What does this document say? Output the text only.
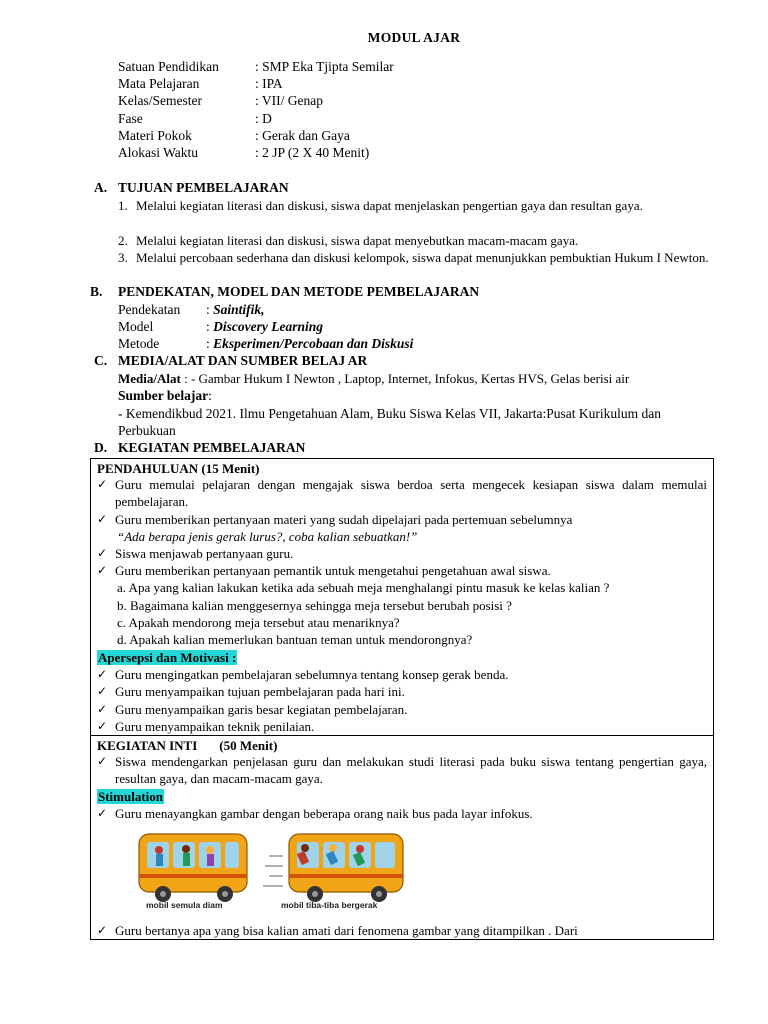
MODUL AJAR
Satuan Pendidikan	: SMP Eka Tjipta Semilar
Mata Pelajaran	: IPA
Kelas/Semester	: VII/ Genap
Fase	: D
Materi Pokok	: Gerak dan Gaya
Alokasi Waktu	: 2 JP (2 X 40 Menit)
A. TUJUAN PEMBELAJARAN
1. Melalui kegiatan literasi dan diskusi, siswa dapat menjelaskan pengertian gaya dan resultan gaya.
2. Melalui kegiatan literasi dan diskusi, siswa dapat menyebutkan macam-macam gaya.
3. Melalui percobaan sederhana dan diskusi kelompok, siswa dapat menunjukkan pembuktian Hukum I Newton.
B. PENDEKATAN, MODEL DAN METODE PEMBELAJARAN
Pendekatan : Saintifik,
Model	: Discovery Learning
Metode	: Eksperimen/Percobaan dan Diskusi
C. MEDIA/ALAT DAN SUMBER BELAJ AR
Media/Alat : - Gambar Hukum I Newton , Laptop, Internet, Infokus, Kertas HVS, Gelas berisi air
Sumber belajar:
- Kemendikbud 2021. Ilmu Pengetahuan Alam, Buku Siswa Kelas VII, Jakarta:Pusat Kurikulum dan Perbukuan
D. KEGIATAN PEMBELAJARAN
PENDAHULUAN (15 Menit)
✓ Guru memulai pelajaran dengan mengajak siswa berdoa serta mengecek kesiapan siswa dalam memulai pembelajaran.
✓ Guru memberikan pertanyaan materi yang sudah dipelajari pada pertemuan sebelumnya
“Ada berapa jenis gerak lurus?, coba kalian sebuatkan!”
✓ Siswa menjawab pertanyaan guru.
✓ Guru memberikan pertanyaan pemantik untuk mengetahui pengetahuan awal siswa.
a. Apa yang kalian lakukan ketika ada sebuah meja menghalangi pintu masuk ke kelas kalian ?
b. Bagaimana kalian menggesernya sehingga meja tersebut berubah posisi ?
c. Apakah mendorong meja tersebut atau menariknya?
d. Apakah kalian memerlukan bantuan teman untuk mendorongnya?
Apersepsi dan Motivasi :
✓ Guru mengingatkan pembelajaran sebelumnya tentang konsep gerak benda.
✓ Guru menyampaikan tujuan pembelajaran pada hari ini.
✓ Guru menyampaikan garis besar kegiatan pembelajaran.
✓ Guru menyampaikan teknik penilaian.
KEGIATAN INTI (50 Menit)
✓ Siswa mendengarkan penjelasan guru dan melakukan studi literasi pada buku siswa tentang pengertian gaya, resultan gaya, dan macam-macam gaya.
Stimulation
✓ Guru menayangkan gambar dengan beberapa orang naik bus pada layar infokus.
mobil semula diam	mobil tiba-tiba bergerak
✓ Guru bertanya apa yang bisa kalian amati dari fenomena gambar yang ditampilkan . Dari
